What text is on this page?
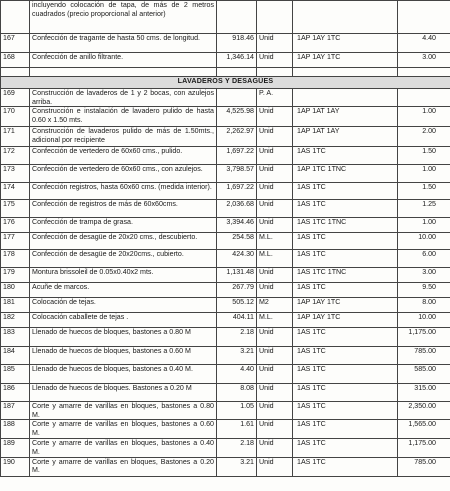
	incluyendo colocación de tapa, de más de 2 metros cuadrados (precio proporcional al anterior)				
167	Confección de tragante de hasta 50 cms. de longitud.	918.46	Unid	1AP 1AY 1TC	4.40
168	Confección de anillo filtrante.	1,346.14	Unid	1AP 1AY 1TC	3.00

LAVADEROS Y DESAGÜES					
169	Construcción de lavaderos de 1 y 2 bocas, con azulejos arriba.		P. A.		
170	Construcción e instalación de lavadero pulido de hasta 0.60 x 1.50 mts.	4,525.98	Unid	1AP 1AT 1AY	1.00
171	Construcción de lavaderos pulido de más de 1.50mts., adicional por recipiente	2,262.97	Unid	1AP 1AT 1AY	2.00
172	Confección de vertedero de 60x60 cms., pulido.	1,697.22	Unid	1AS 1TC	1.50
173	Confección de vertedero de 60x60 cms., con azulejos.	3,798.57	Unid	1AP 1TC 1TNC	1.00
174	Confección registros, hasta 60x60 cms. (medida interior).	1,697.22	Unid	1AS 1TC	1.50
175	Confección de registros de más de 60x60cms.	2,036.68	Unid	1AS 1TC	1.25
176	Confección de trampa de grasa.	3,394.46	Unid	1AS 1TC 1TNC	1.00
177	Confección de desagüe de 20x20 cms., descubierto.	254.58	M.L.	1AS 1TC	10.00
178	Confección de desagüe de 20x20cms., cubierto.	424.30	M.L.	1AS 1TC	6.00
179	Montura brissoleil de 0.05x0.40x2 mts.	1,131.48	Unid	1AS 1TC 1TNC	3.00
180	Acuñe de marcos.	267.79	Unid	1AS 1TC	9.50
181	Colocación de tejas.	505.12	M2	1AP 1AY 1TC	8.00
182	Colocación caballete de tejas .	404.11	M.L.	1AP 1AY 1TC	10.00
183	Llenado de huecos de bloques, bastones a 0.80 M	2.18	Unid	1AS 1TC	1,175.00
184	Llenado de huecos de bloques, bastones a 0.60 M	3.21	Unid	1AS 1TC	785.00
185	Llenado de huecos de bloques, bastones a 0.40 M.	4.40	Unid	1AS 1TC	585.00
186	Llenado de huecos de bloques. Bastones a 0.20 M	8.08	Unid	1AS 1TC	315.00
187	Corte y amarre de varillas en bloques, bastones a 0.80 M.	1.05	Unid	1AS 1TC	2,350.00
188	Corte y amarre de varillas en bloques, bastones a 0.60 M.	1.61	Unid	1AS 1TC	1,565.00
189	Corte y amarre de varillas en bloques, bastones a 0.40 M.	2.18	Unid	1AS 1TC	1,175.00
190	Corte y amarre de varillas en bloques, Bastones a 0.20 M.	3.21	Unid	1AS 1TC	785.00
